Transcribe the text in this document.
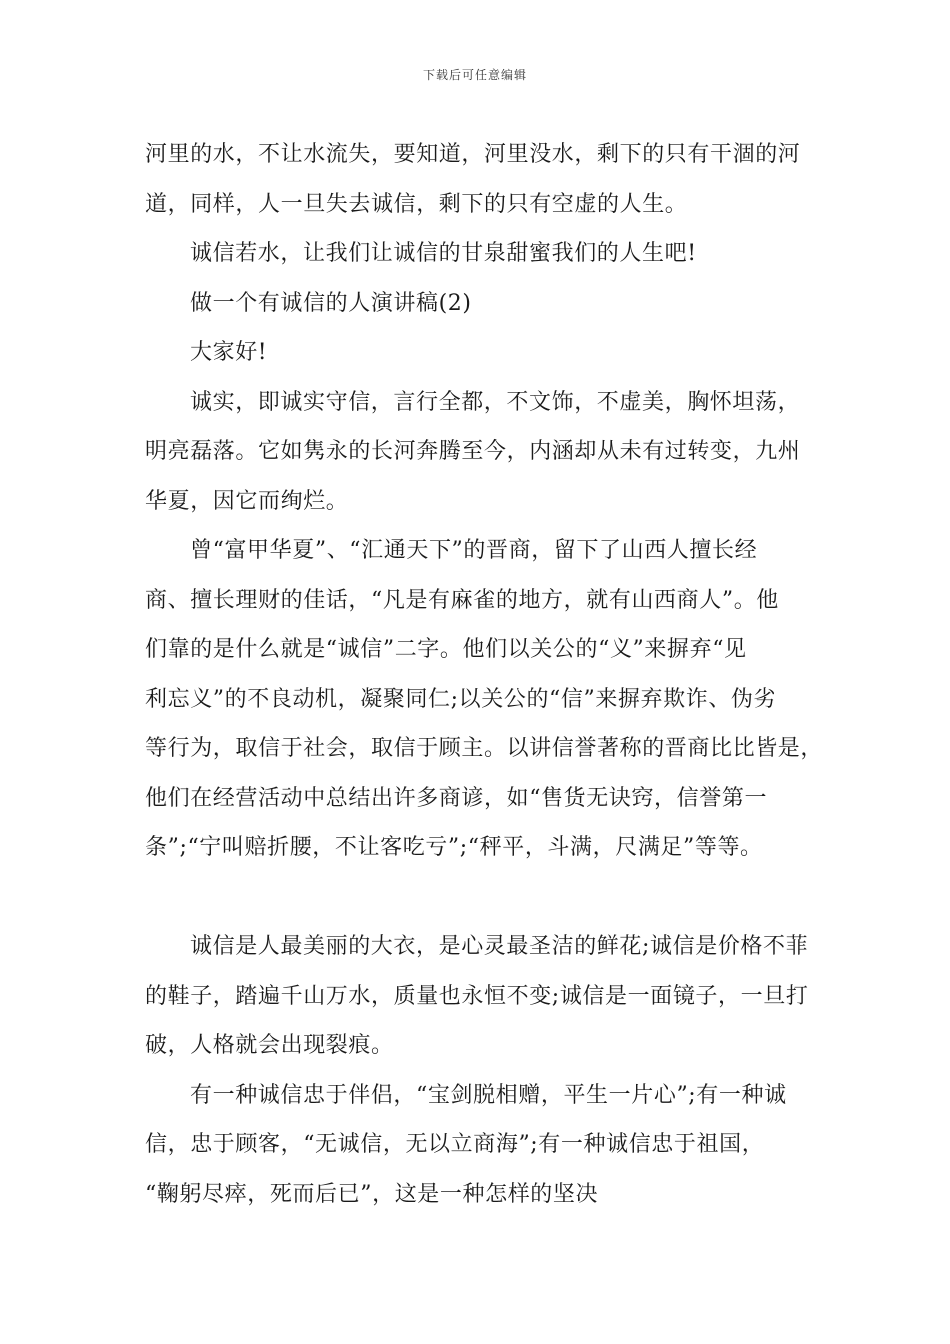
下载后可任意编辑
河里的水，不让水流失，要知道，河里没水，剩下的只有干涸的河
道，同样，人一旦失去诚信，剩下的只有空虚的人生。
诚信若水，让我们让诚信的甘泉甜蜜我们的人生吧!
做一个有诚信的人演讲稿(2)
大家好!
诚实，即诚实守信，言行全都，不文饰，不虚美，胸怀坦荡，
明亮磊落。它如隽永的长河奔腾至今，内涵却从未有过转变，九州
华夏，因它而绚烂。
曾“富甲华夏”、“汇通天下”的晋商，留下了山西人擅长经
商、擅长理财的佳话，“凡是有麻雀的地方，就有山西商人”。他
们靠的是什么就是“诚信”二字。他们以关公的“义”来摒弃“见
利忘义”的不良动机，凝聚同仁;以关公的“信”来摒弃欺诈、伪劣
等行为，取信于社会，取信于顾主。以讲信誉著称的晋商比比皆是，
他们在经营活动中总结出许多商谚，如“售货无诀窍，信誉第一
条”;“宁叫赔折腰，不让客吃亏”;“秤平，斗满，尺满足”等等。
诚信是人最美丽的大衣，是心灵最圣洁的鲜花;诚信是价格不菲
的鞋子，踏遍千山万水，质量也永恒不变;诚信是一面镜子，一旦打
破，人格就会出现裂痕。
有一种诚信忠于伴侣，“宝剑脱相赠，平生一片心”;有一种诚
信，忠于顾客，“无诚信，无以立商海”;有一种诚信忠于祖国，
“鞠躬尽瘁，死而后已”，这是一种怎样的坚决
